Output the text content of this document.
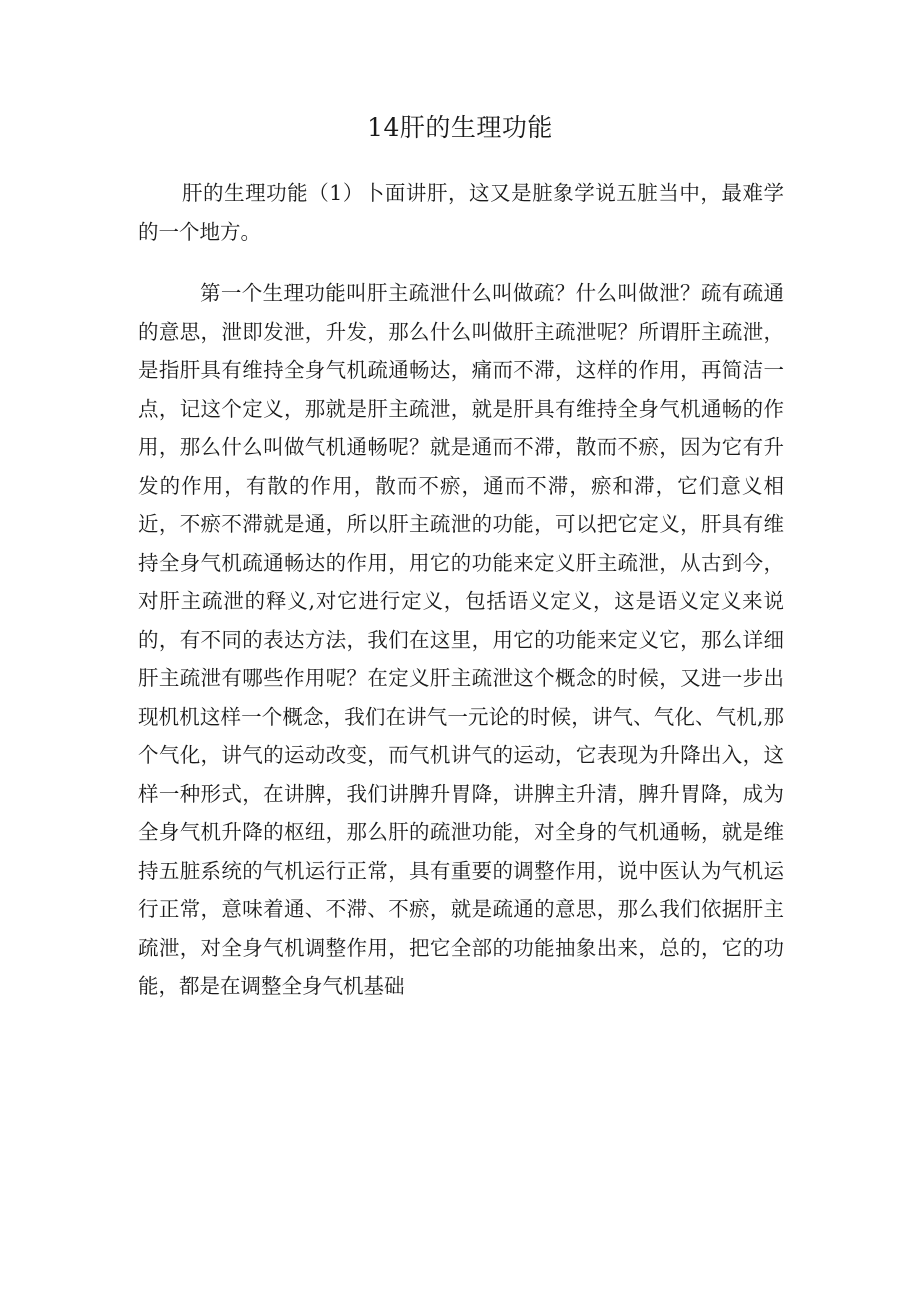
14肝的生理功能

肝的生理功能（1）卜面讲肝，这又是脏象学说五脏当中，最难学的一个地方。

第一个生理功能叫肝主疏泄什么叫做疏？什么叫做泄？疏有疏通的意思，泄即发泄，升发，那么什么叫做肝主疏泄呢？所谓肝主疏泄，是指肝具有维持全身气机疏通畅达，痛而不滞，这样的作用，再简洁一点，记这个定义，那就是肝主疏泄，就是肝具有维持全身气机通畅的作用，那么什么叫做气机通畅呢？就是通而不滞，散而不瘀，因为它有升发的作用，有散的作用，散而不瘀，通而不滞，瘀和滞，它们意义相近，不瘀不滞就是通，所以肝主疏泄的功能，可以把它定义，肝具有维持全身气机疏通畅达的作用，用它的功能来定义肝主疏泄，从古到今，对肝主疏泄的释义,对它进行定义，包括语义定义，这是语义定义来说的，有不同的表达方法，我们在这里，用它的功能来定义它，那么详细肝主疏泄有哪些作用呢？在定义肝主疏泄这个概念的时候，又进一步出现机机这样一个概念，我们在讲气一元论的时候，讲气、气化、气机,那个气化，讲气的运动改变，而气机讲气的运动，它表现为升降出入，这样一种形式，在讲脾，我们讲脾升胃降，讲脾主升清，脾升胃降，成为全身气机升降的枢纽，那么肝的疏泄功能，对全身的气机通畅，就是维持五脏系统的气机运行正常，具有重要的调整作用，说中医认为气机运行正常，意味着通、不滞、不瘀，就是疏通的意思，那么我们依据肝主疏泄，对全身气机调整作用，把它全部的功能抽象出来，总的，它的功能，都是在调整全身气机基础
